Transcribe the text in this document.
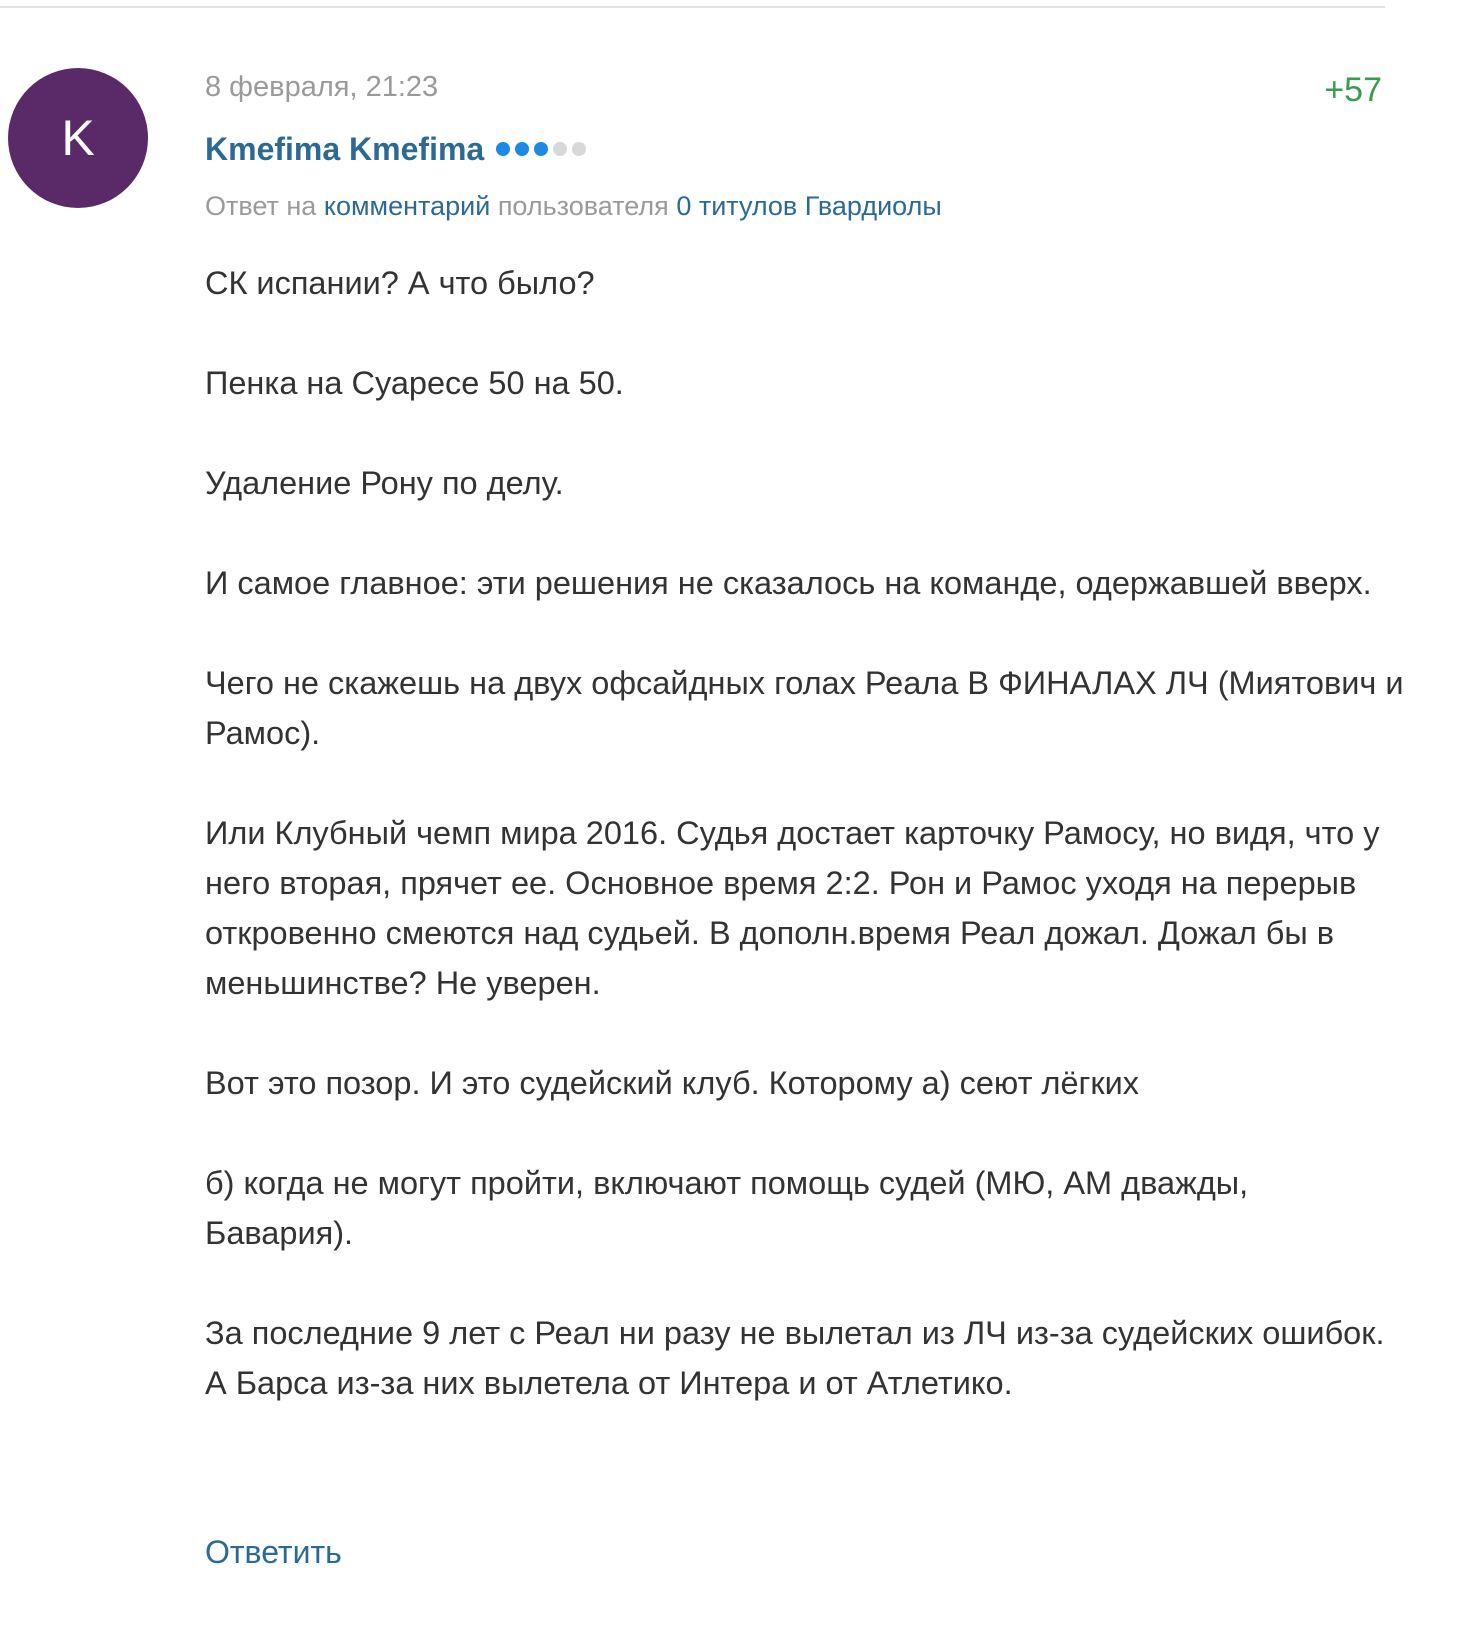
K
8 февраля, 21:23	+57
Kmefima Kmefima
Ответ на комментарий пользователя 0 титулов Гвардиолы

СК испании? А что было?

Пенка на Суаресе 50 на 50.

Удаление Рону по делу.

И самое главное: эти решения не сказалось на команде, одержавшей вверх.

Чего не скажешь на двух офсайдных голах Реала В ФИНАЛАХ ЛЧ (Миятович и Рамос).

Или Клубный чемп мира 2016. Судья достает карточку Рамосу, но видя, что у него вторая, прячет ее. Основное время 2:2. Рон и Рамос уходя на перерыв откровенно смеются над судьей. В дополн.время Реал дожал. Дожал бы в меньшинстве? Не уверен.

Вот это позор. И это судейский клуб. Которому а) сеют лёгких

б) когда не могут пройти, включают помощь судей (МЮ, АМ дважды, Бавария).

За последние 9 лет с Реал ни разу не вылетал из ЛЧ из-за судейских ошибок. А Барса из-за них вылетела от Интера и от Атлетико.

Ответить
